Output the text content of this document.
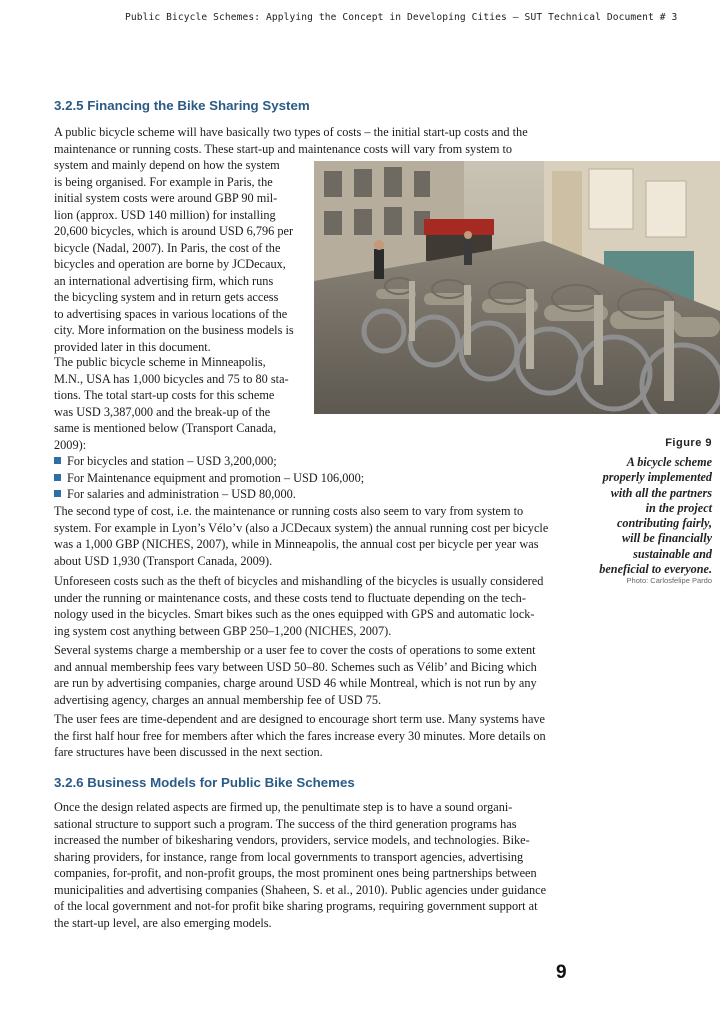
Public Bicycle Schemes: Applying the Concept in Developing Cities – SUT Technical Document # 3
3.2.5 Financing the Bike Sharing System
A public bicycle scheme will have basically two types of costs – the initial start-up costs and the
maintenance or running costs. These start-up and maintenance costs will vary from system to
system and mainly depend on how the system
is being organised. For example in Paris, the
initial system costs were around GBP 90 mil-
lion (approx. USD 140 million) for installing
20,600 bicycles, which is around USD 6,796 per
bicycle (Nadal, 2007). In Paris, the cost of the
bicycles and operation are borne by JCDecaux,
an international advertising firm, which runs
the bicycling system and in return gets access
to advertising spaces in various locations of the
city. More information on the business models is
provided later in this document.
The public bicycle scheme in Minneapolis,
M.N., USA has 1,000 bicycles and 75 to 80 sta-
tions. The total start-up costs for this scheme
was USD 3,387,000 and the break-up of the
same is mentioned below (Transport Canada,
2009):
For bicycles and station – USD 3,200,000;
For Maintenance equipment and promotion – USD 106,000;
For salaries and administration – USD 80,000.
The second type of cost, i.e. the maintenance or running costs also seem to vary from system to
system. For example in Lyon’s Vélo’v (also a JCDecaux system) the annual running cost per bicycle
was a 1,000 GBP (NICHES, 2007), while in Minneapolis, the annual cost per bicycle per year was
about USD 1,930 (Transport Canada, 2009).
Unforeseen costs such as the theft of bicycles and mishandling of the bicycles is usually considered
under the running or maintenance costs, and these costs tend to fluctuate depending on the tech-
nology used in the bicycles. Smart bikes such as the ones equipped with GPS and automatic lock-
ing system cost anything between GBP 250–1,200 (NICHES, 2007).
Several systems charge a membership or a user fee to cover the costs of operations to some extent
and annual membership fees vary between USD 50–80. Schemes such as Vélib’ and Bicing which
are run by advertising companies, charge around USD 46 while Montreal, which is not run by any
advertising agency, charges an annual membership fee of USD 75.
The user fees are time-dependent and are designed to encourage short term use. Many systems have
the first half hour free for members after which the fares increase every 30 minutes. More details on
fare structures have been discussed in the next section.
3.2.6 Business Models for Public Bike Schemes
Once the design related aspects are firmed up, the penultimate step is to have a sound organi-
sational structure to support such a program. The success of the third generation programs has
increased the number of bikesharing vendors, providers, service models, and technologies. Bike-
sharing providers, for instance, range from local governments to transport agencies, advertising
companies, for-profit, and non-profit groups, the most prominent ones being partnerships between
municipalities and advertising companies (Shaheen, S. et al., 2010). Public agencies under guidance
of the local government and not-for profit bike sharing programs, requiring government support at
the start-up level, are also emerging models.
Figure 9
A bicycle scheme
properly implemented
with all the partners
in the project
contributing fairly,
will be financially
sustainable and
beneficial to everyone.
Photo: Carlosfelipe Pardo
9
